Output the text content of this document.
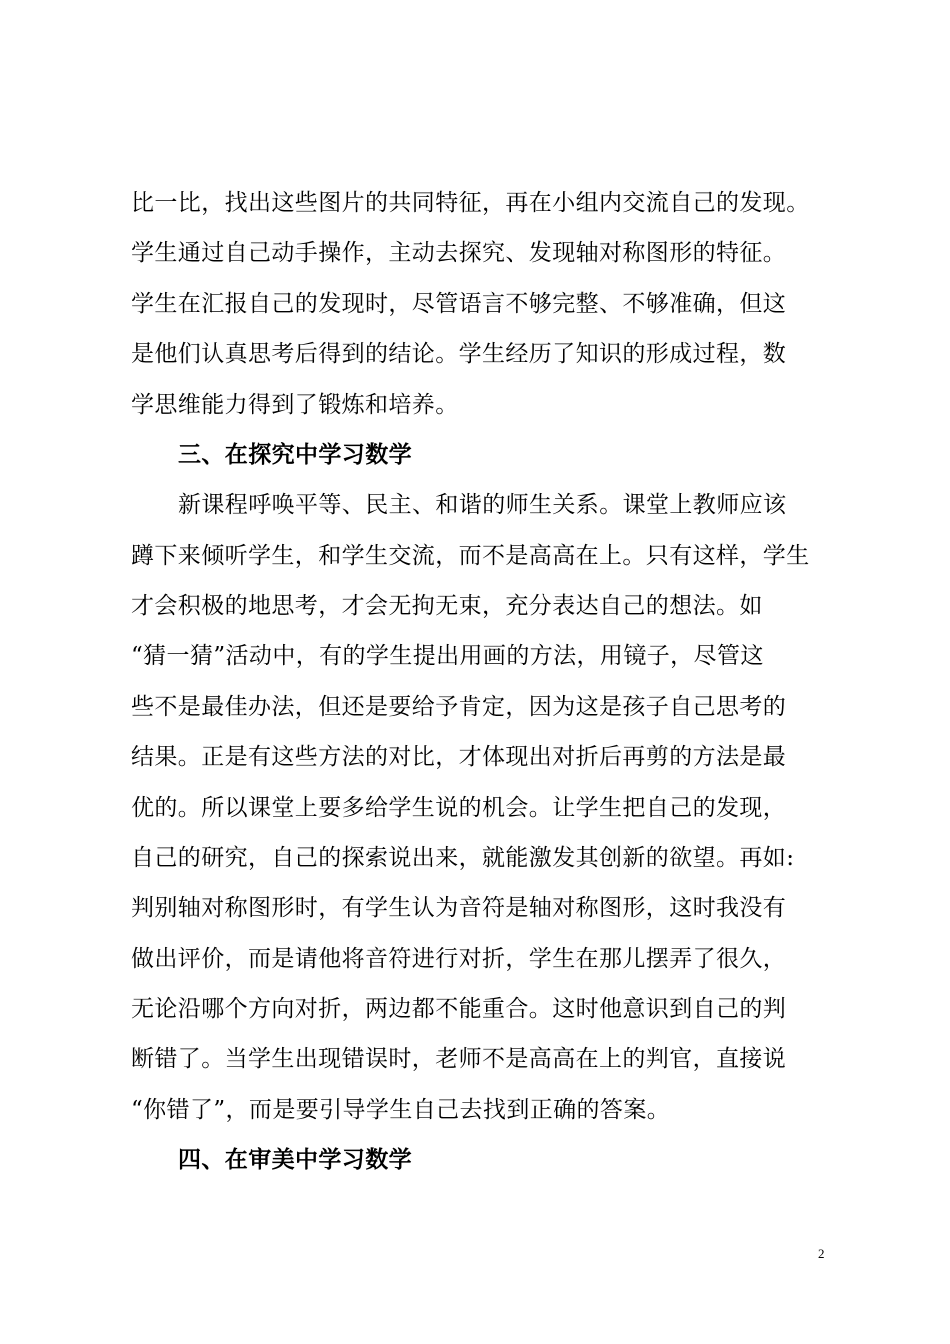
比一比，找出这些图片的共同特征，再在小组内交流自己的发现。
学生通过自己动手操作，主动去探究、发现轴对称图形的特征。
学生在汇报自己的发现时，尽管语言不够完整、不够准确，但这
是他们认真思考后得到的结论。学生经历了知识的形成过程，数
学思维能力得到了锻炼和培养。
三、在探究中学习数学
新课程呼唤平等、民主、和谐的师生关系。课堂上教师应该
蹲下来倾听学生，和学生交流，而不是高高在上。只有这样，学生
才会积极的地思考，才会无拘无束，充分表达自己的想法。如
“猜一猜”活动中，有的学生提出用画的方法，用镜子，尽管这
些不是最佳办法，但还是要给予肯定，因为这是孩子自己思考的
结果。正是有这些方法的对比，才体现出对折后再剪的方法是最
优的。所以课堂上要多给学生说的机会。让学生把自己的发现，
自己的研究，自己的探索说出来，就能激发其创新的欲望。再如:
判别轴对称图形时，有学生认为音符是轴对称图形，这时我没有
做出评价，而是请他将音符进行对折，学生在那儿摆弄了很久，
无论沿哪个方向对折，两边都不能重合。这时他意识到自己的判
断错了。当学生出现错误时，老师不是高高在上的判官，直接说
“你错了”，而是要引导学生自己去找到正确的答案。
四、在审美中学习数学
2
